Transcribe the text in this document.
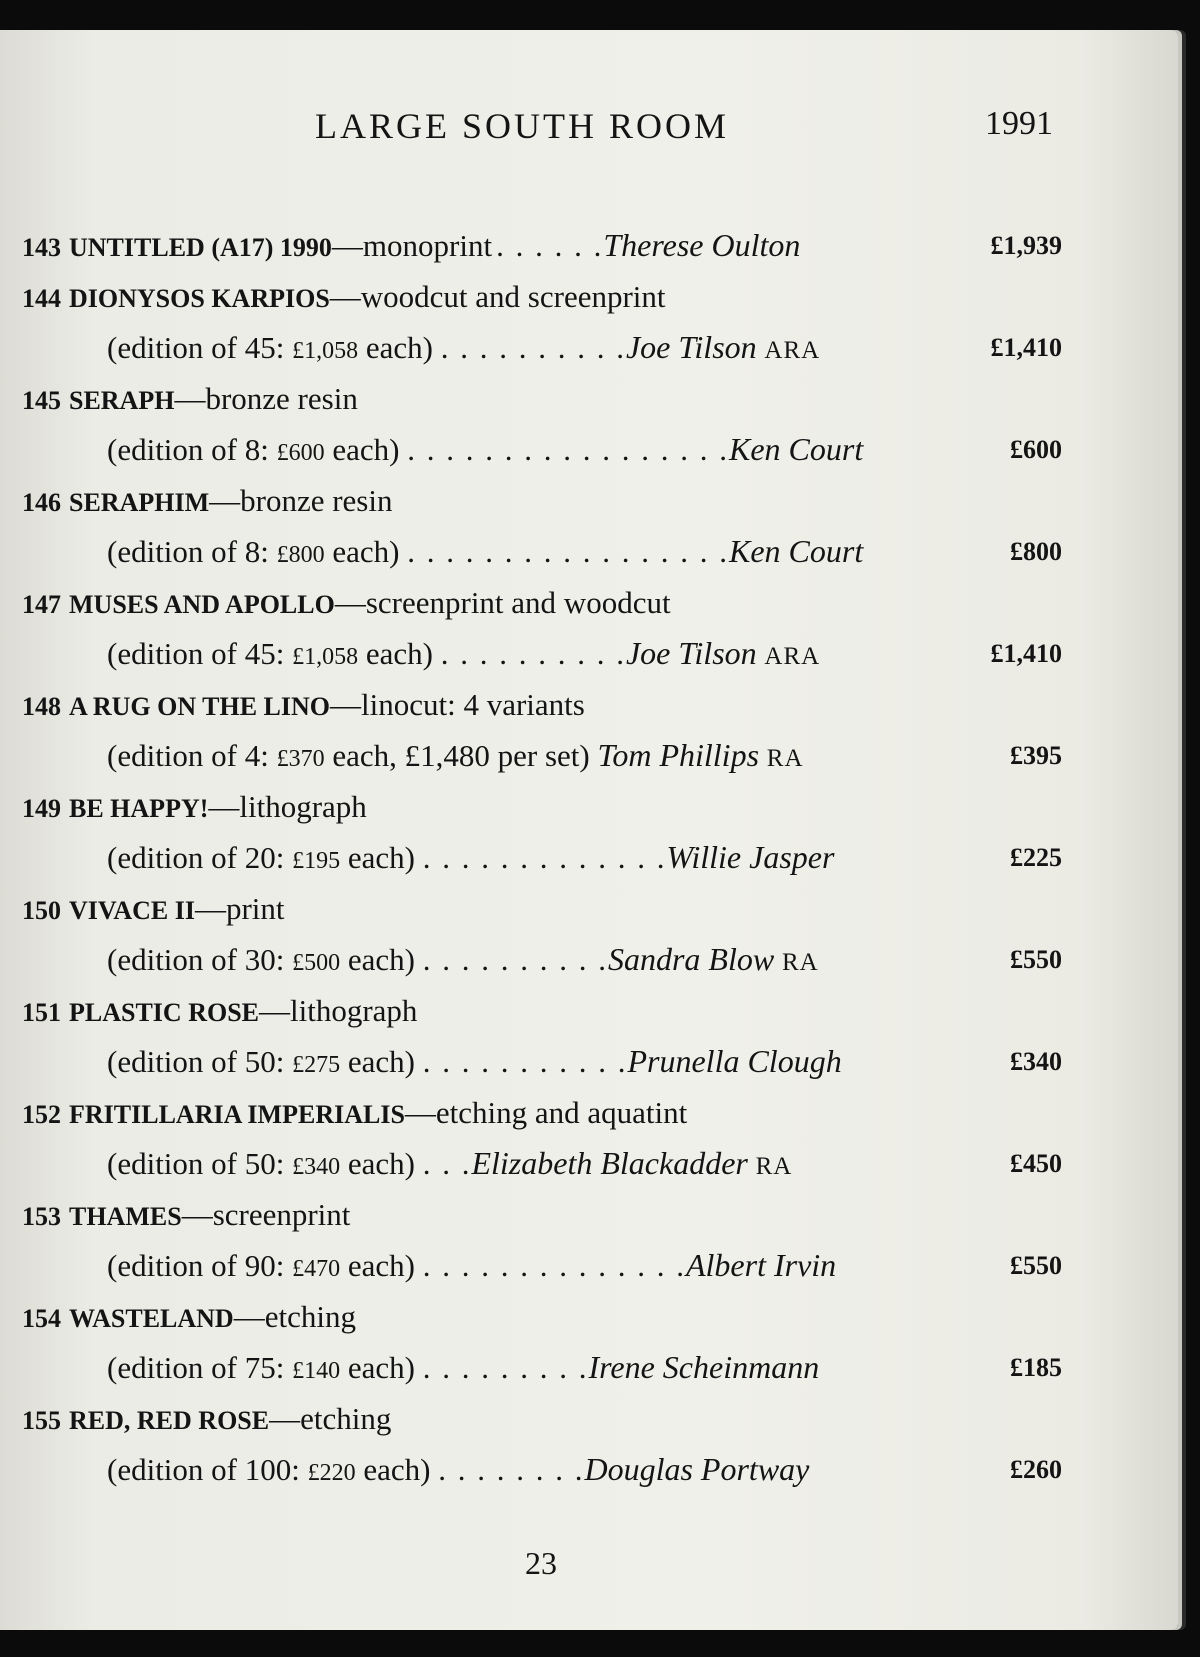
LARGE SOUTH ROOM	1991
143 UNTITLED (A17) 1990—monoprint . . . . . .Therese Oulton	£1,939
144 DIONYSOS KARPIOS—woodcut and screenprint
(edition of 45: £1,058 each) . . . . . . . . . .Joe Tilson ARA	£1,410
145 SERAPH—bronze resin
(edition of 8: £600 each) . . . . . . . . . . . . . . . . .Ken Court	£600
146 SERAPHIM—bronze resin
(edition of 8: £800 each) . . . . . . . . . . . . . . . . .Ken Court	£800
147 MUSES AND APOLLO—screenprint and woodcut
(edition of 45: £1,058 each) . . . . . . . . . .Joe Tilson ARA	£1,410
148 A RUG ON THE LINO—linocut: 4 variants
(edition of 4: £370 each, £1,480 per set) Tom Phillips RA	£395
149 BE HAPPY!—lithograph
(edition of 20: £195 each) . . . . . . . . . . . . .Willie Jasper	£225
150 VIVACE II—print
(edition of 30: £500 each) . . . . . . . . . .Sandra Blow RA	£550
151 PLASTIC ROSE—lithograph
(edition of 50: £275 each) . . . . . . . . . . .Prunella Clough	£340
152 FRITILLARIA IMPERIALIS—etching and aquatint
(edition of 50: £340 each) . . .Elizabeth Blackadder RA	£450
153 THAMES—screenprint
(edition of 90: £470 each) . . . . . . . . . . . . . .Albert Irvin	£550
154 WASTELAND—etching
(edition of 75: £140 each) . . . . . . . . .Irene Scheinmann	£185
155 RED, RED ROSE—etching
(edition of 100: £220 each) . . . . . . . .Douglas Portway	£260
23
